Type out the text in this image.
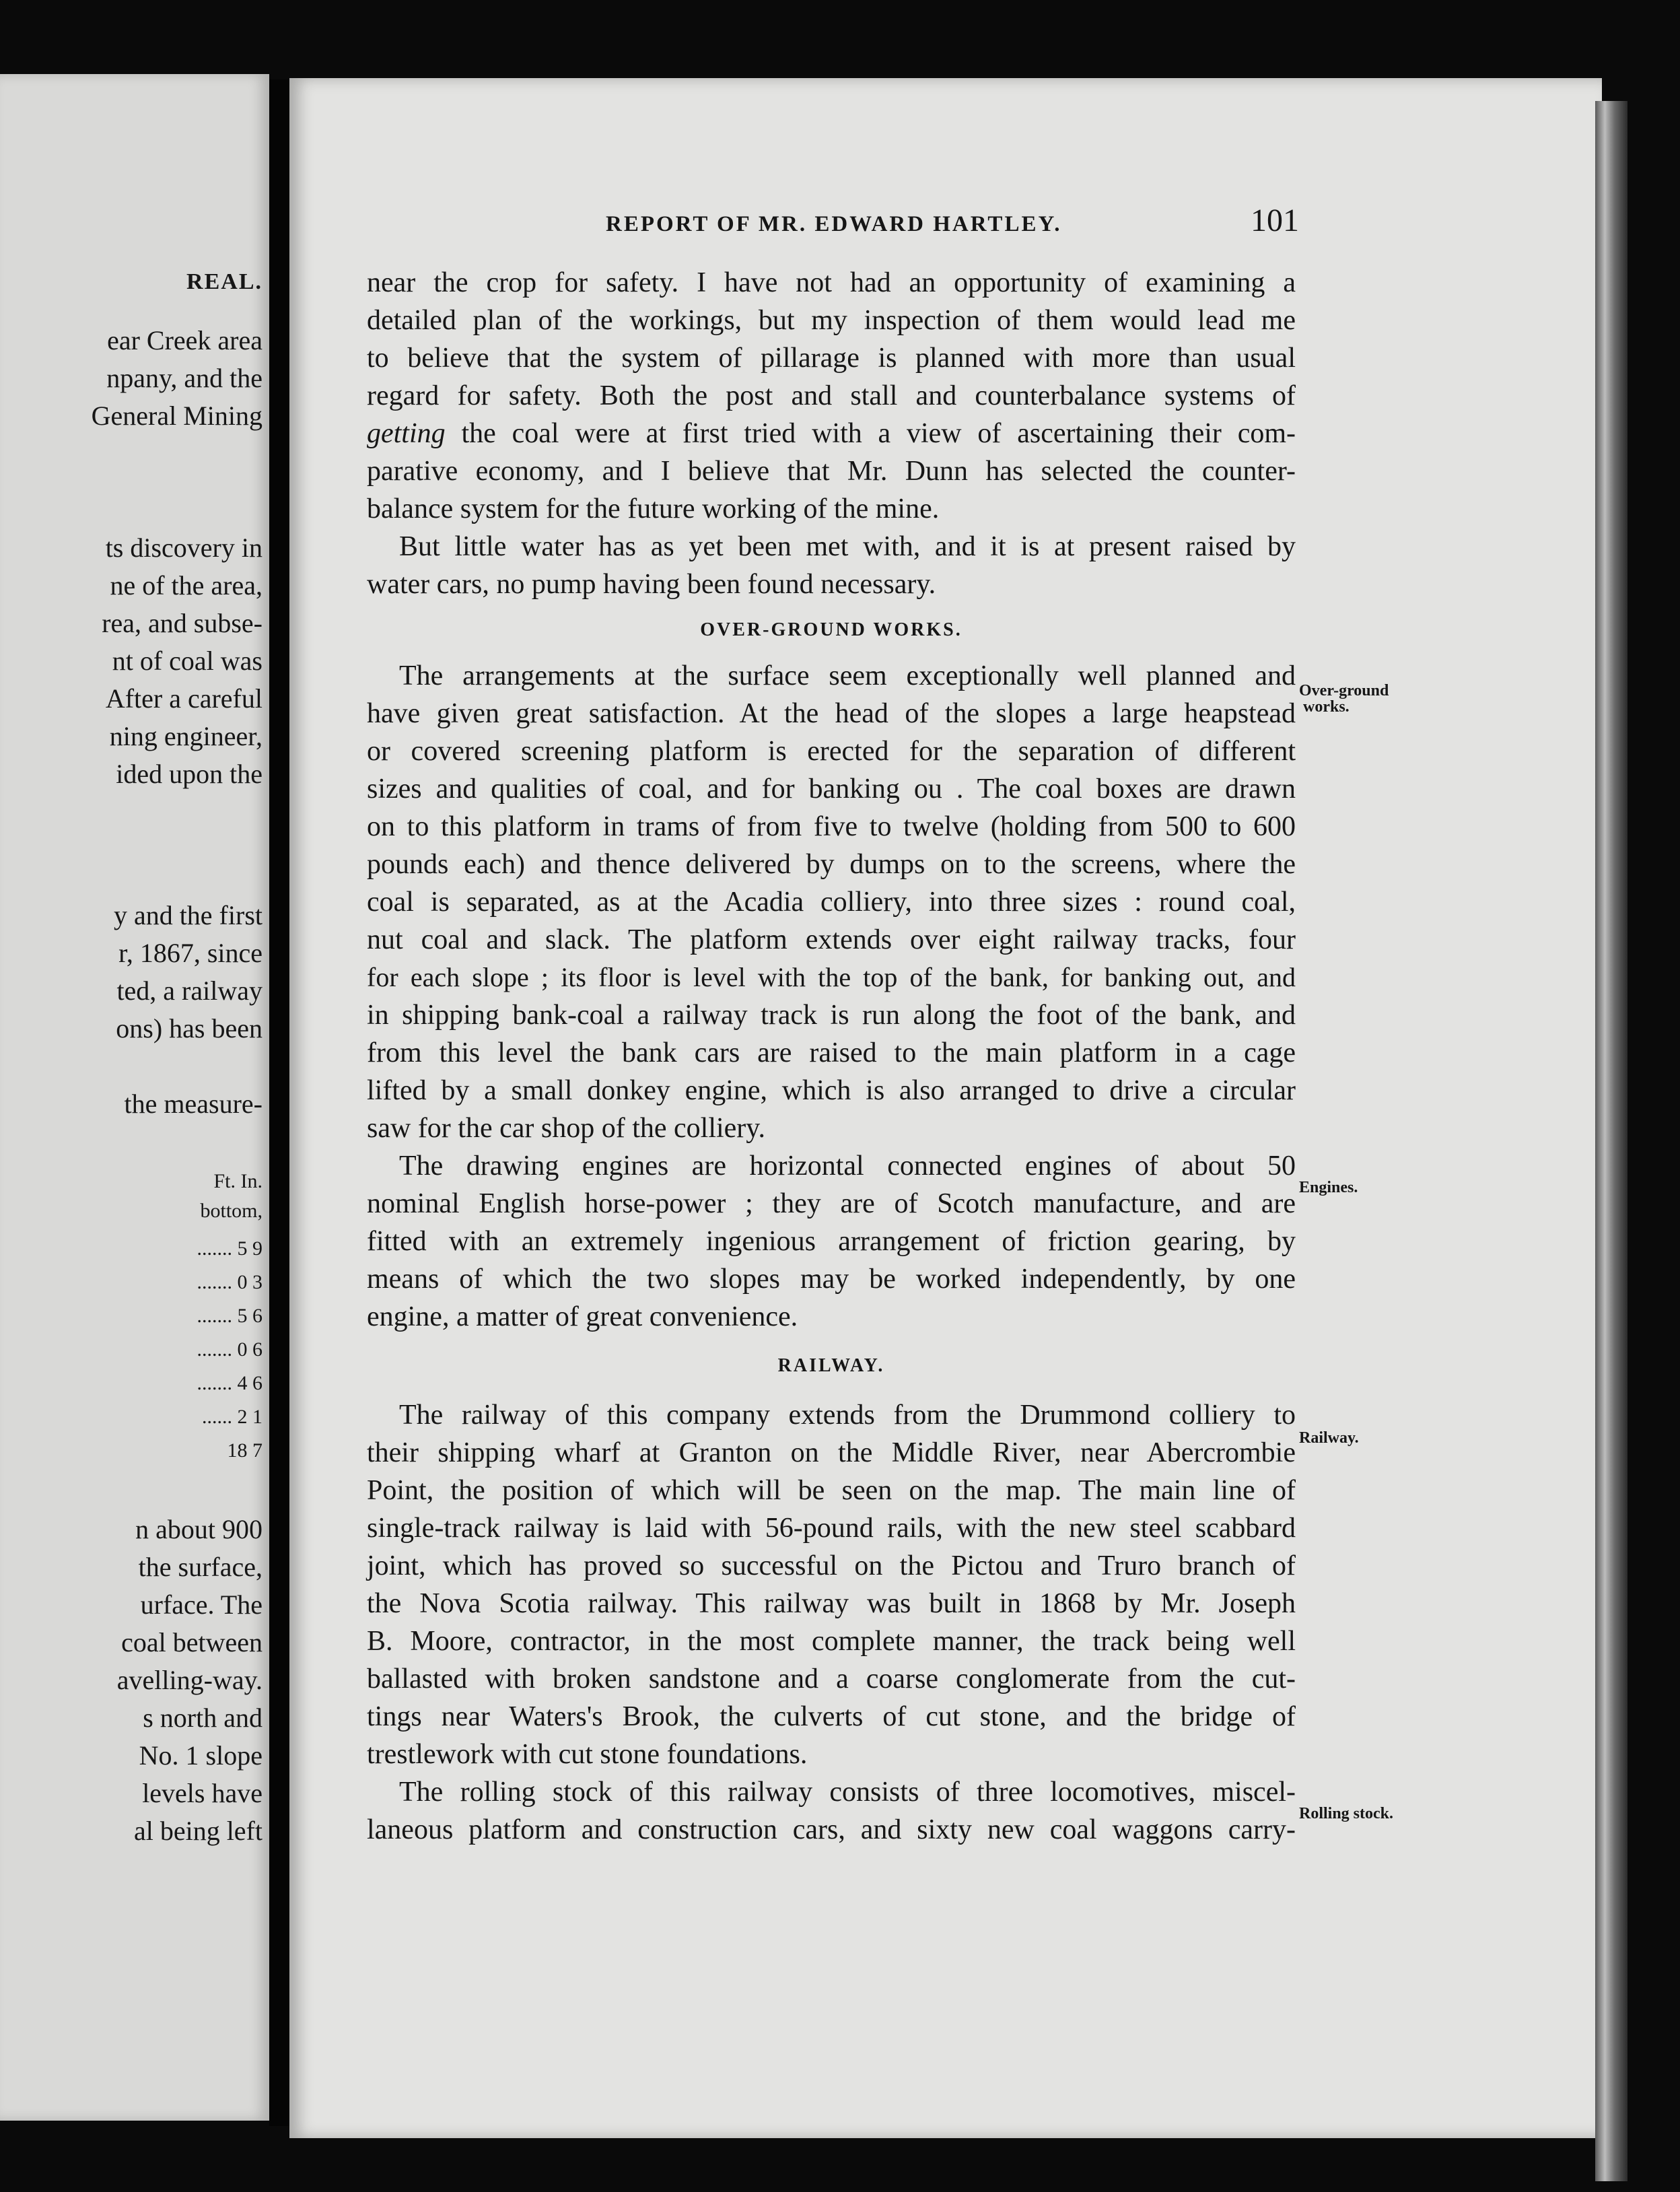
REAL.
ear Creek area
npany, and the
General Mining
ts discovery in
ne of the area,
rea, and subse-
nt of coal was
After a careful
ning engineer,
ided upon the
y and the first
r, 1867, since
ted, a railway
ons) has been
the measure-
Ft. In.
bottom,
....... 5 9
....... 0 3
....... 5 6
....... 0 6
....... 4 6
...... 2 1
18 7
n about 900
the surface,
urface. The
coal between
avelling-way.
s north and
No. 1 slope
levels have
al being left
REPORT OF MR. EDWARD HARTLEY.	101
near the crop for safety. I have not had an opportunity of examining a
detailed plan of the workings, but my inspection of them would lead me
to believe that the system of pillarage is planned with more than usual
regard for safety. Both the post and stall and counterbalance systems of
getting the coal were at first tried with a view of ascertaining their com-
parative economy, and I believe that Mr. Dunn has selected the counter-
balance system for the future working of the mine.
But little water has as yet been met with, and it is at present raised by
water cars, no pump having been found necessary.
OVER-GROUND WORKS.
The arrangements at the surface seem exceptionally well planned and
have given great satisfaction. At the head of the slopes a large heapstead
or covered screening platform is erected for the separation of different
sizes and qualities of coal, and for banking ou . The coal boxes are drawn
on to this platform in trams of from five to twelve (holding from 500 to 600
pounds each) and thence delivered by dumps on to the screens, where the
coal is separated, as at the Acadia colliery, into three sizes : round coal,
nut coal and slack. The platform extends over eight railway tracks, four
for each slope ; its floor is level with the top of the bank, for banking out, and
in shipping bank-coal a railway track is run along the foot of the bank, and
from this level the bank cars are raised to the main platform in a cage
lifted by a small donkey engine, which is also arranged to drive a circular
saw for the car shop of the colliery.
The drawing engines are horizontal connected engines of about 50
nominal English horse-power ; they are of Scotch manufacture, and are
fitted with an extremely ingenious arrangement of friction gearing, by
means of which the two slopes may be worked independently, by one
engine, a matter of great convenience.
RAILWAY.
The railway of this company extends from the Drummond colliery to
their shipping wharf at Granton on the Middle River, near Abercrombie
Point, the position of which will be seen on the map. The main line of
single-track railway is laid with 56-pound rails, with the new steel scabbard
joint, which has proved so successful on the Pictou and Truro branch of
the Nova Scotia railway. This railway was built in 1868 by Mr. Joseph
B. Moore, contractor, in the most complete manner, the track being well
ballasted with broken sandstone and a coarse conglomerate from the cut-
tings near Waters's Brook, the culverts of cut stone, and the bridge of
trestlework with cut stone foundations.
The rolling stock of this railway consists of three locomotives, miscel-
laneous platform and construction cars, and sixty new coal waggons carry-
Over-ground
works.
Engines.
Railway.
Rolling stock.
